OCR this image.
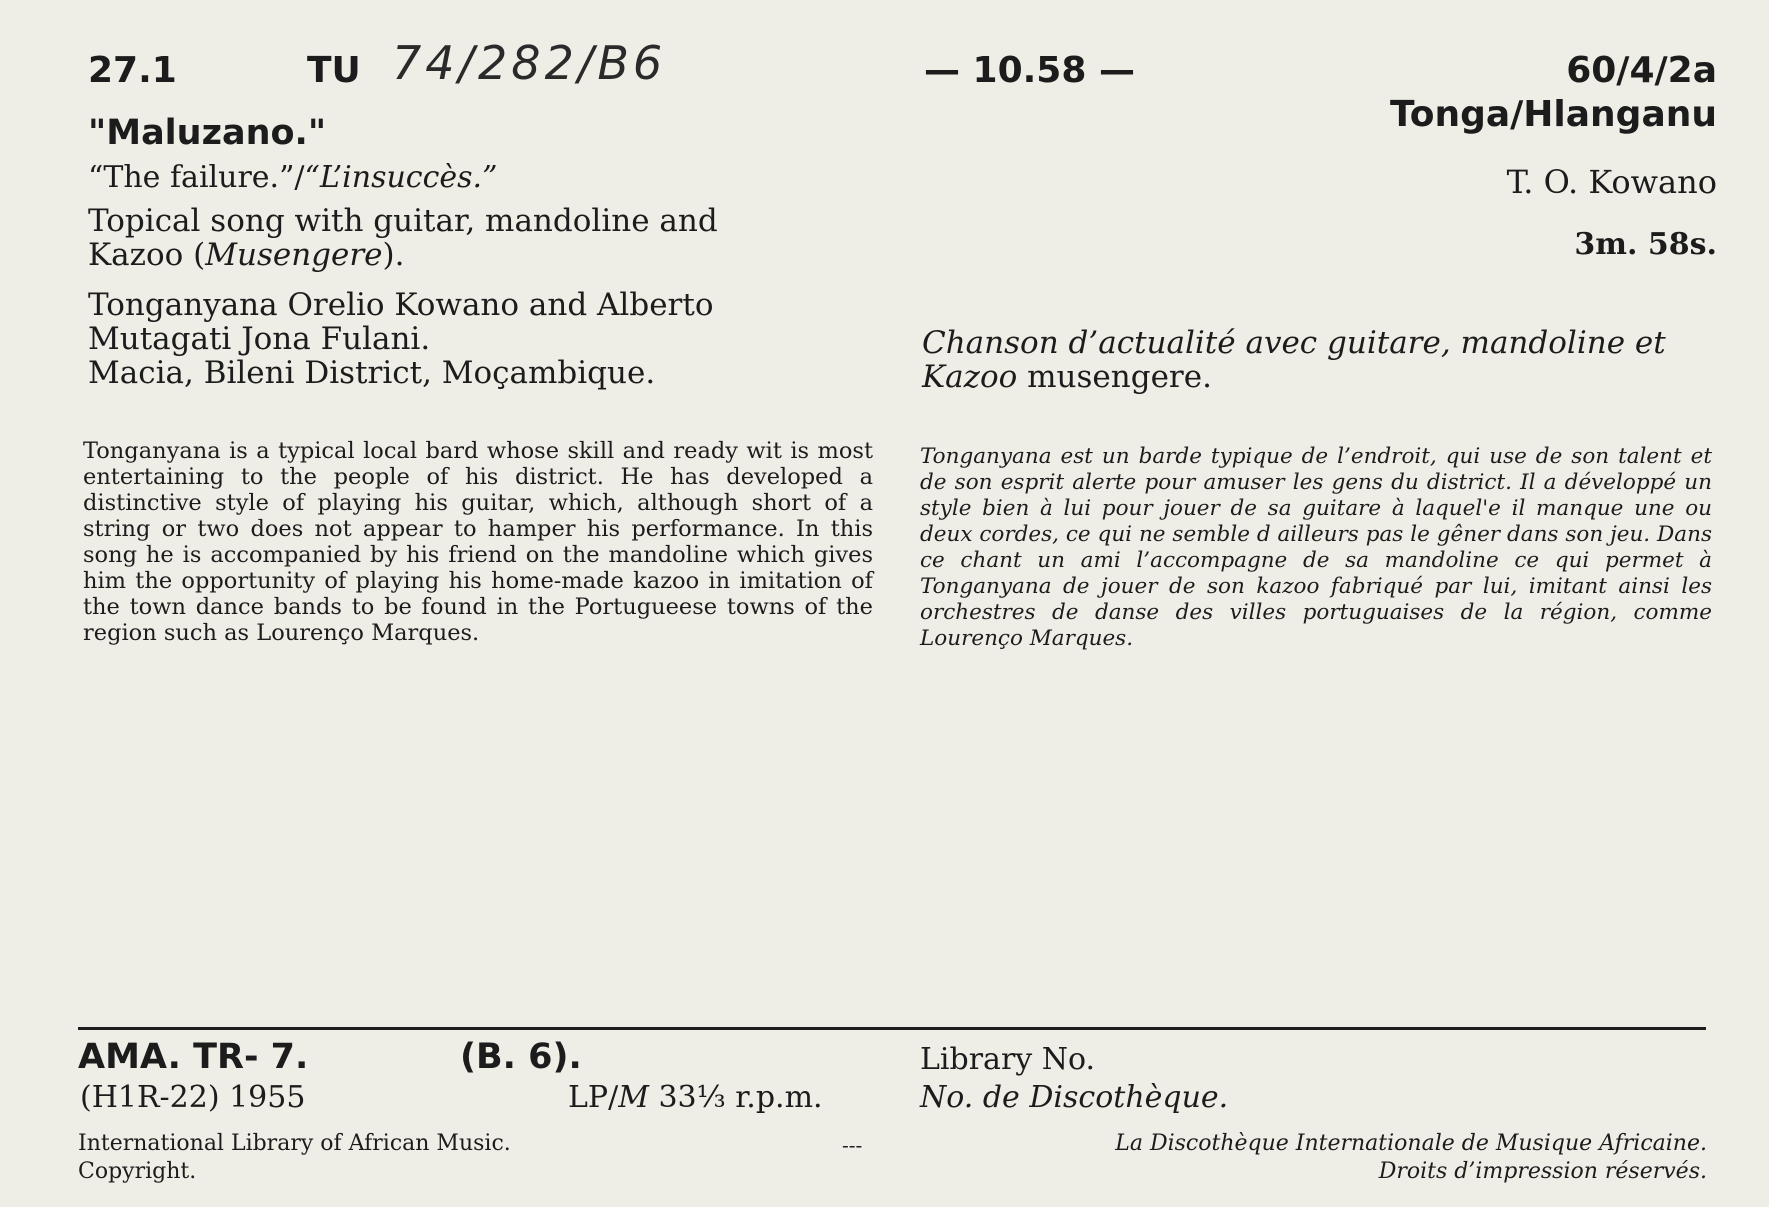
27.1	TU 74/282/B6	— 10.58 —	60/4/2a
Tonga/Hlanganu
T. O. Kowano
3m. 58s.
"Maluzano."
“The failure.”/“L’insuccès.”
Topical song with guitar, mandoline and
Kazoo (Musengere).
Tonganyana Orelio Kowano and Alberto
Mutagati Jona Fulani.
Macia, Bileni District, Moçambique.
Tonganyana is a typical local bard whose skill and ready wit is most entertaining to the people of his district. He has developed a distinctive style of playing his guitar, which, although short of a string or two does not appear to hamper his performance. In this song he is accompanied by his friend on the mandoline which gives him the opportunity of playing his home-made kazoo in imitation of the town dance bands to be found in the Portugueese towns of the region such as Lourenço Marques.
Chanson d’actualité avec guitare, mandoline et
Kazoo musengere.
Tonganyana est un barde typique de l’endroit, qui use de son talent et de son esprit alerte pour amuser les gens du district. Il a développé un style bien à lui pour jouer de sa guitare à laquel'e il manque une ou deux cordes, ce qui ne semble d ailleurs pas le gêner dans son jeu. Dans ce chant un ami l’accompagne de sa mandoline ce qui permet à Tonganyana de jouer de son kazoo fabriqué par lui, imitant ainsi les orchestres de danse des villes portuguaises de la région, comme Lourenço Marques.
AMA. TR- 7.	(B. 6).
(H1R-22) 1955	LP/M 33⅓ r.p.m.
Library No.
No. de Discothèque.
International Library of African Music.
Copyright.
---	La Discothèque Internationale de Musique Africaine.
Droits d’impression réservés.
